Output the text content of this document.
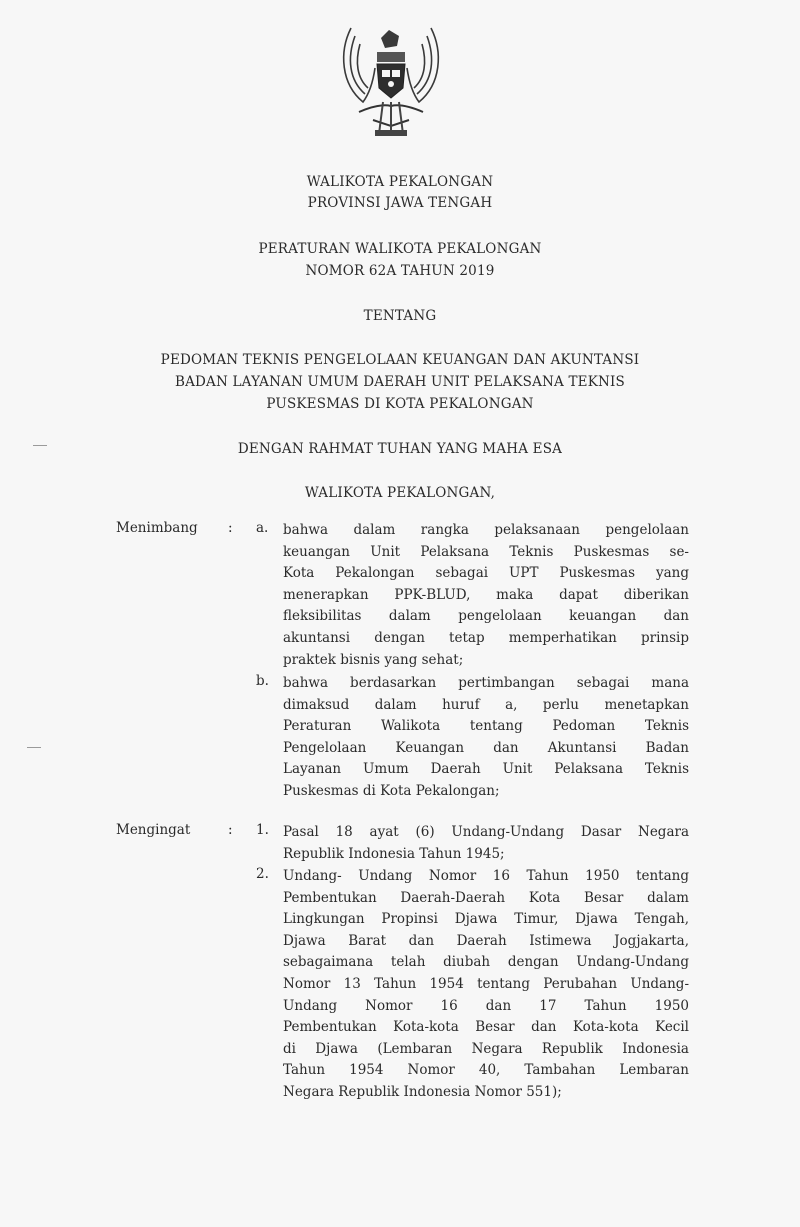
WALIKOTA PEKALONGAN
PROVINSI JAWA TENGAH
PERATURAN WALIKOTA PEKALONGAN
NOMOR 62A TAHUN 2019
TENTANG
PEDOMAN TEKNIS PENGELOLAAN KEUANGAN DAN AKUNTANSI
BADAN LAYANAN UMUM DAERAH UNIT PELAKSANA TEKNIS
PUSKESMAS DI KOTA PEKALONGAN
DENGAN RAHMAT TUHAN YANG MAHA ESA
WALIKOTA PEKALONGAN,
Menimbang : a. bahwa dalam rangka pelaksanaan pengelolaan
keuangan Unit Pelaksana Teknis Puskesmas se-
Kota Pekalongan sebagai UPT Puskesmas yang
menerapkan PPK-BLUD, maka dapat diberikan
fleksibilitas dalam pengelolaan keuangan dan
akuntansi dengan tetap memperhatikan prinsip
praktek bisnis yang sehat;
b. bahwa berdasarkan pertimbangan sebagai mana
dimaksud dalam huruf a, perlu menetapkan
Peraturan Walikota tentang Pedoman Teknis
Pengelolaan Keuangan dan Akuntansi Badan
Layanan Umum Daerah Unit Pelaksana Teknis
Puskesmas di Kota Pekalongan;
Mengingat	: 1. Pasal 18 ayat (6) Undang-Undang Dasar Negara
Republik Indonesia Tahun 1945;
2. Undang- Undang Nomor 16 Tahun 1950 tentang
Pembentukan Daerah-Daerah Kota Besar dalam
Lingkungan Propinsi Djawa Timur, Djawa Tengah,
Djawa Barat dan Daerah Istimewa Jogjakarta,
sebagaimana telah diubah dengan Undang-Undang
Nomor 13 Tahun 1954 tentang Perubahan Undang-
Undang Nomor 16 dan 17 Tahun 1950
Pembentukan Kota-kota Besar dan Kota-kota Kecil
di Djawa (Lembaran Negara Republik Indonesia
Tahun 1954 Nomor 40, Tambahan Lembaran
Negara Republik Indonesia Nomor 551);
